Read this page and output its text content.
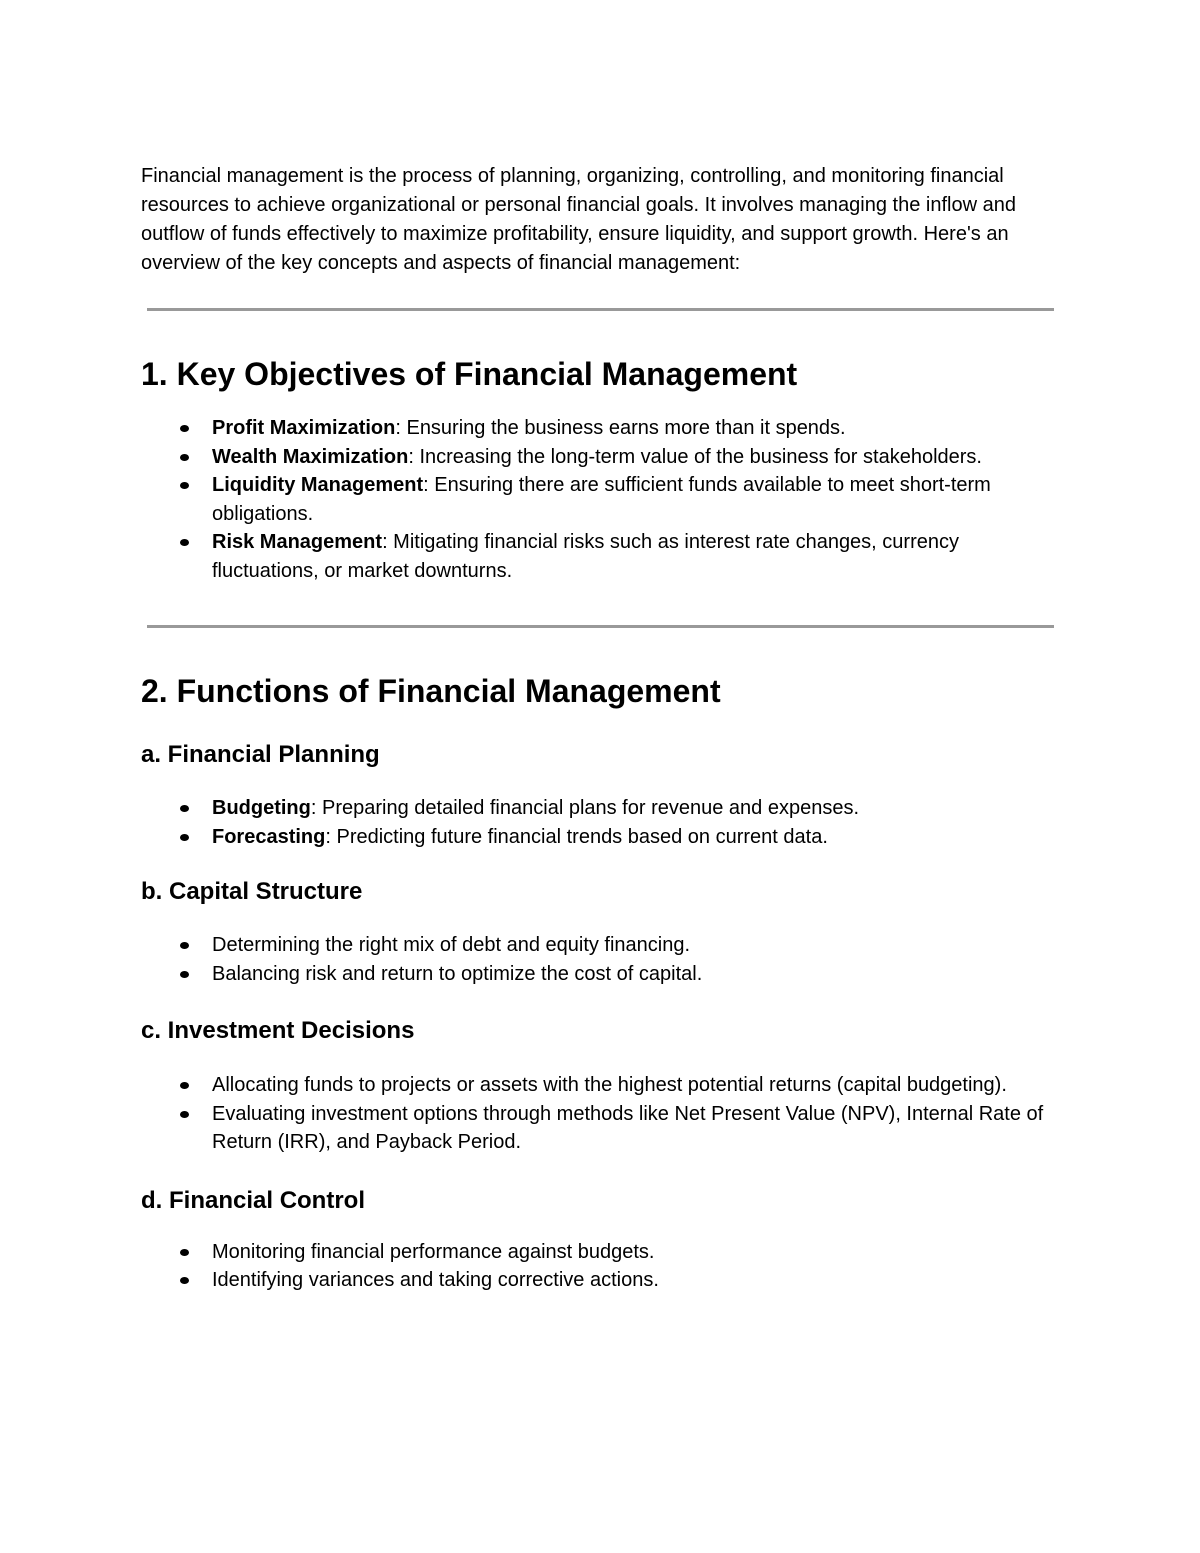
Financial management is the process of planning, organizing, controlling, and monitoring financial resources to achieve organizational or personal financial goals. It involves managing the inflow and outflow of funds effectively to maximize profitability, ensure liquidity, and support growth. Here's an overview of the key concepts and aspects of financial management:

1. Key Objectives of Financial Management
Profit Maximization: Ensuring the business earns more than it spends.
Wealth Maximization: Increasing the long-term value of the business for stakeholders.
Liquidity Management: Ensuring there are sufficient funds available to meet short-term obligations.
Risk Management: Mitigating financial risks such as interest rate changes, currency fluctuations, or market downturns.
2. Functions of Financial Management
a. Financial Planning
Budgeting: Preparing detailed financial plans for revenue and expenses.
Forecasting: Predicting future financial trends based on current data.
b. Capital Structure
Determining the right mix of debt and equity financing.
Balancing risk and return to optimize the cost of capital.
c. Investment Decisions
Allocating funds to projects or assets with the highest potential returns (capital budgeting).
Evaluating investment options through methods like Net Present Value (NPV), Internal Rate of Return (IRR), and Payback Period.
d. Financial Control
Monitoring financial performance against budgets.
Identifying variances and taking corrective actions.
